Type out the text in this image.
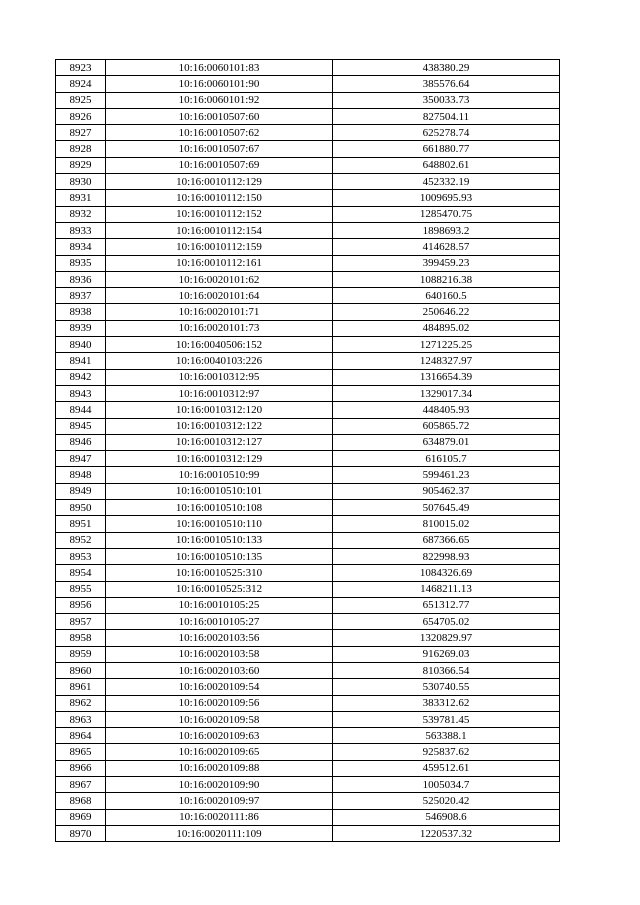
8923	10:16:0060101:83	438380.29
8924	10:16:0060101:90	385576.64
8925	10:16:0060101:92	350033.73
8926	10:16:0010507:60	827504.11
8927	10:16:0010507:62	625278.74
8928	10:16:0010507:67	661880.77
8929	10:16:0010507:69	648802.61
8930	10:16:0010112:129	452332.19
8931	10:16:0010112:150	1009695.93
8932	10:16:0010112:152	1285470.75
8933	10:16:0010112:154	1898693.2
8934	10:16:0010112:159	414628.57
8935	10:16:0010112:161	399459.23
8936	10:16:0020101:62	1088216.38
8937	10:16:0020101:64	640160.5
8938	10:16:0020101:71	250646.22
8939	10:16:0020101:73	484895.02
8940	10:16:0040506:152	1271225.25
8941	10:16:0040103:226	1248327.97
8942	10:16:0010312:95	1316654.39
8943	10:16:0010312:97	1329017.34
8944	10:16:0010312:120	448405.93
8945	10:16:0010312:122	605865.72
8946	10:16:0010312:127	634879.01
8947	10:16:0010312:129	616105.7
8948	10:16:0010510:99	599461.23
8949	10:16:0010510:101	905462.37
8950	10:16:0010510:108	507645.49
8951	10:16:0010510:110	810015.02
8952	10:16:0010510:133	687366.65
8953	10:16:0010510:135	822998.93
8954	10:16:0010525:310	1084326.69
8955	10:16:0010525:312	1468211.13
8956	10:16:0010105:25	651312.77
8957	10:16:0010105:27	654705.02
8958	10:16:0020103:56	1320829.97
8959	10:16:0020103:58	916269.03
8960	10:16:0020103:60	810366.54
8961	10:16:0020109:54	530740.55
8962	10:16:0020109:56	383312.62
8963	10:16:0020109:58	539781.45
8964	10:16:0020109:63	563388.1
8965	10:16:0020109:65	925837.62
8966	10:16:0020109:88	459512.61
8967	10:16:0020109:90	1005034.7
8968	10:16:0020109:97	525020.42
8969	10:16:0020111:86	546908.6
8970	10:16:0020111:109	1220537.32
